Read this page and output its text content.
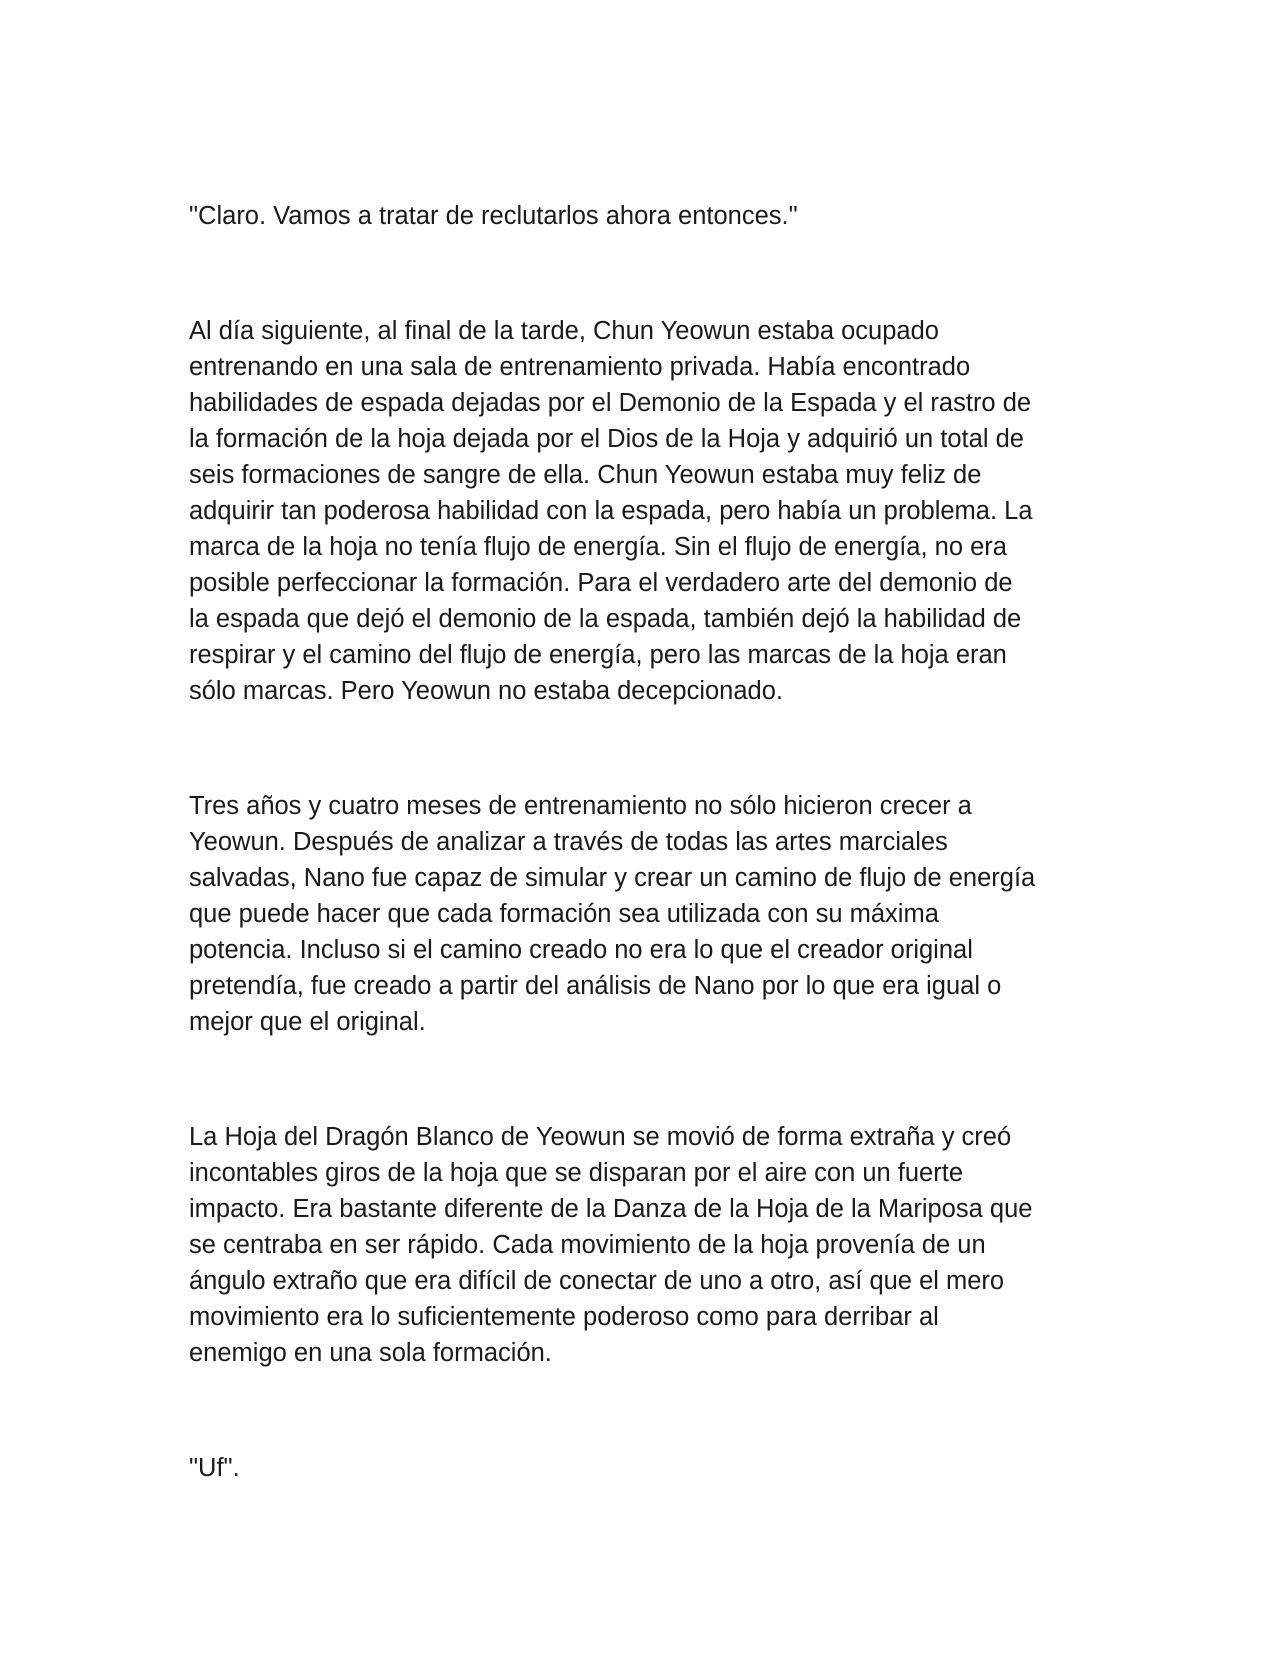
"Claro. Vamos a tratar de reclutarlos ahora entonces."

Al día siguiente, al final de la tarde, Chun Yeowun estaba ocupado
entrenando en una sala de entrenamiento privada. Había encontrado
habilidades de espada dejadas por el Demonio de la Espada y el rastro de
la formación de la hoja dejada por el Dios de la Hoja y adquirió un total de
seis formaciones de sangre de ella. Chun Yeowun estaba muy feliz de
adquirir tan poderosa habilidad con la espada, pero había un problema. La
marca de la hoja no tenía flujo de energía. Sin el flujo de energía, no era
posible perfeccionar la formación. Para el verdadero arte del demonio de
la espada que dejó el demonio de la espada, también dejó la habilidad de
respirar y el camino del flujo de energía, pero las marcas de la hoja eran
sólo marcas. Pero Yeowun no estaba decepcionado.

Tres años y cuatro meses de entrenamiento no sólo hicieron crecer a
Yeowun. Después de analizar a través de todas las artes marciales
salvadas, Nano fue capaz de simular y crear un camino de flujo de energía
que puede hacer que cada formación sea utilizada con su máxima
potencia. Incluso si el camino creado no era lo que el creador original
pretendía, fue creado a partir del análisis de Nano por lo que era igual o
mejor que el original.

La Hoja del Dragón Blanco de Yeowun se movió de forma extraña y creó
incontables giros de la hoja que se disparan por el aire con un fuerte
impacto. Era bastante diferente de la Danza de la Hoja de la Mariposa que
se centraba en ser rápido. Cada movimiento de la hoja provenía de un
ángulo extraño que era difícil de conectar de uno a otro, así que el mero
movimiento era lo suficientemente poderoso como para derribar al
enemigo en una sola formación.

"Uf".
